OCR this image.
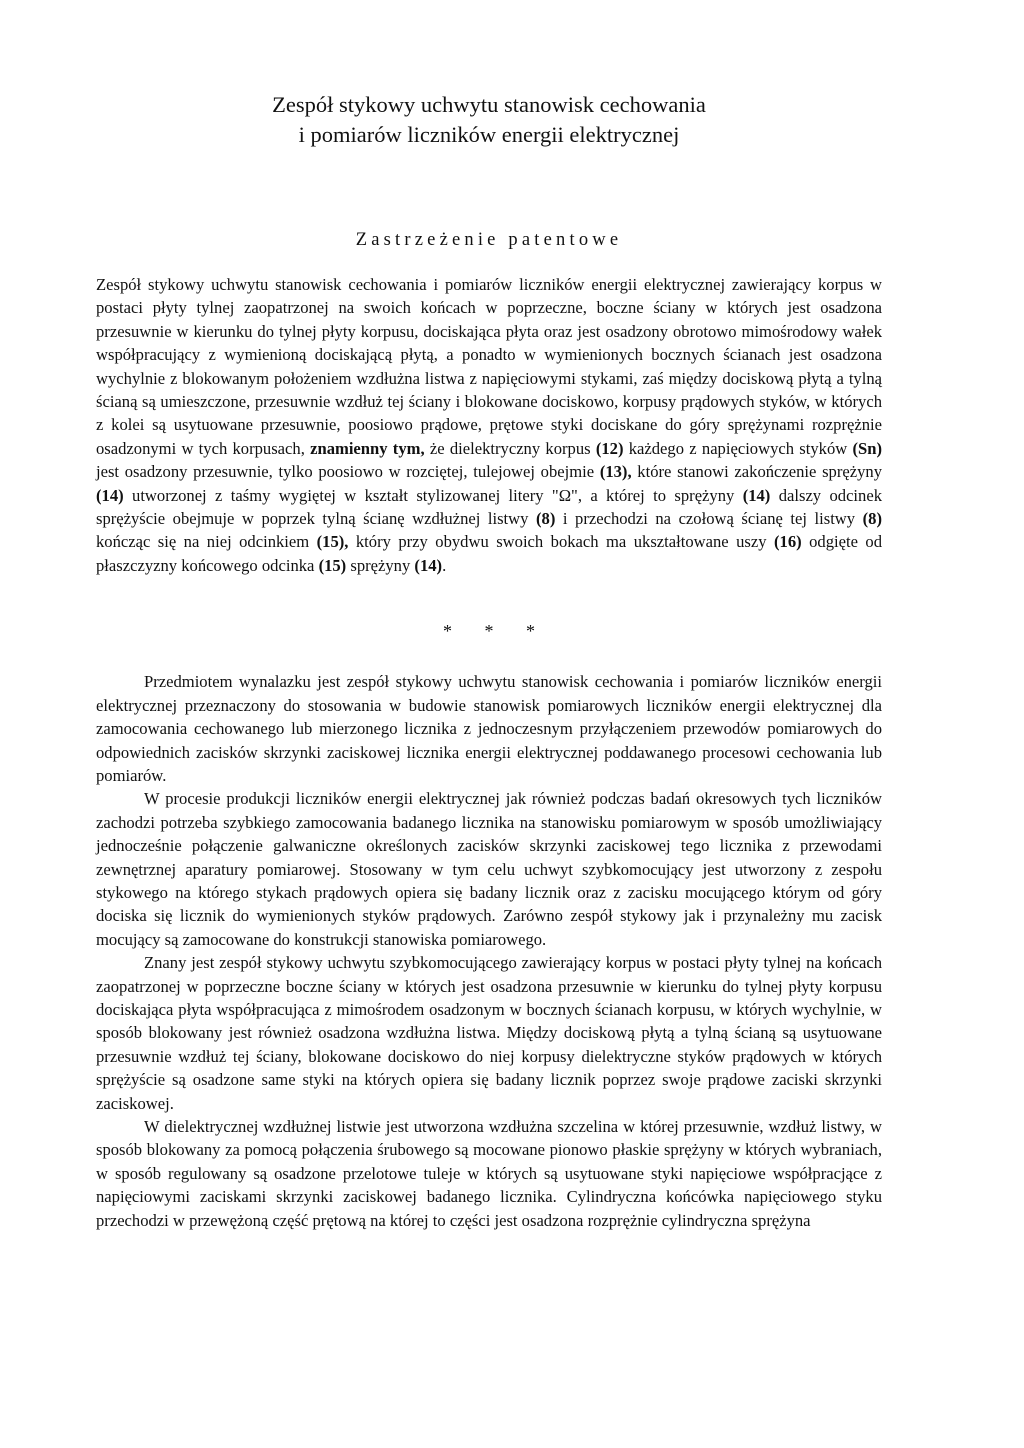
Zespół stykowy uchwytu stanowisk cechowania
i pomiarów liczników energii elektrycznej
Zastrzeżenie patentowe

Zespół stykowy uchwytu stanowisk cechowania i pomiarów liczników energii elektrycznej zawierający korpus w postaci płyty tylnej zaopatrzonej na swoich końcach w poprzeczne, boczne ściany w których jest osadzona przesuwnie w kierunku do tylnej płyty korpusu, dociskająca płyta oraz jest osadzony obrotowo mimośrodowy wałek współpracujący z wymienioną dociskającą płytą, a ponadto w wymienionych bocznych ścianach jest osadzona wychylnie z blokowanym położeniem wzdłużna listwa z napięciowymi stykami, zaś między dociskową płytą a tylną ścianą są umieszczone, przesuwnie wzdłuż tej ściany i blokowane dociskowo, korpusy prądowych styków, w których z kolei są usytuowane przesuwnie, poosiowo prądowe, prętowe styki dociskane do góry sprężynami rozprężnie osadzonymi w tych korpusach, znamienny tym, że dielektryczny korpus (12) każdego z napięciowych styków (Sn) jest osadzony przesuwnie, tylko poosiowo w rozciętej, tulejowej obejmie (13), które stanowi zakończenie sprężyny (14) utworzonej z taśmy wygiętej w kształt stylizowanej litery "Ω", a której to sprężyny (14) dalszy odcinek sprężyście obejmuje w poprzek tylną ścianę wzdłużnej listwy (8) i przechodzi na czołową ścianę tej listwy (8) kończąc się na niej odcinkiem (15), który przy obydwu swoich bokach ma ukształtowane uszy (16) odgięte od płaszczyzny końcowego odcinka (15) sprężyny (14).

* * *

Przedmiotem wynalazku jest zespół stykowy uchwytu stanowisk cechowania i pomiarów liczników energii elektrycznej przeznaczony do stosowania w budowie stanowisk pomiarowych liczników energii elektrycznej dla zamocowania cechowanego lub mierzonego licznika z jednoczesnym przyłączeniem przewodów pomiarowych do odpowiednich zacisków skrzynki zaciskowej licznika energii elektrycznej poddawanego procesowi cechowania lub pomiarów.

W procesie produkcji liczników energii elektrycznej jak również podczas badań okresowych tych liczników zachodzi potrzeba szybkiego zamocowania badanego licznika na stanowisku pomiarowym w sposób umożliwiający jednocześnie połączenie galwaniczne określonych zacisków skrzynki zaciskowej tego licznika z przewodami zewnętrznej aparatury pomiarowej. Stosowany w tym celu uchwyt szybkomocujący jest utworzony z zespołu stykowego na którego stykach prądowych opiera się badany licznik oraz z zacisku mocującego którym od góry dociska się licznik do wymienionych styków prądowych. Zarówno zespół stykowy jak i przynależny mu zacisk mocujący są zamocowane do konstrukcji stanowiska pomiarowego.

Znany jest zespół stykowy uchwytu szybkomocującego zawierający korpus w postaci płyty tylnej na końcach zaopatrzonej w poprzeczne boczne ściany w których jest osadzona przesuwnie w kierunku do tylnej płyty korpusu dociskająca płyta współpracująca z mimośrodem osadzonym w bocznych ścianach korpusu, w których wychylnie, w sposób blokowany jest również osadzona wzdłużna listwa. Między dociskową płytą a tylną ścianą są usytuowane przesuwnie wzdłuż tej ściany, blokowane dociskowo do niej korpusy dielektryczne styków prądowych w których sprężyście są osadzone same styki na których opiera się badany licznik poprzez swoje prądowe zaciski skrzynki zaciskowej.

W dielektrycznej wzdłużnej listwie jest utworzona wzdłużna szczelina w której przesuwnie, wzdłuż listwy, w sposób blokowany za pomocą połączenia śrubowego są mocowane pionowo płaskie sprężyny w których wybraniach, w sposób regulowany są osadzone przelotowe tuleje w których są usytuowane styki napięciowe współpracjące z napięciowymi zaciskami skrzynki zaciskowej badanego licznika. Cylindryczna końcówka napięciowego styku przechodzi w przewężoną część prętową na której to części jest osadzona rozprężnie cylindryczna sprężyna
